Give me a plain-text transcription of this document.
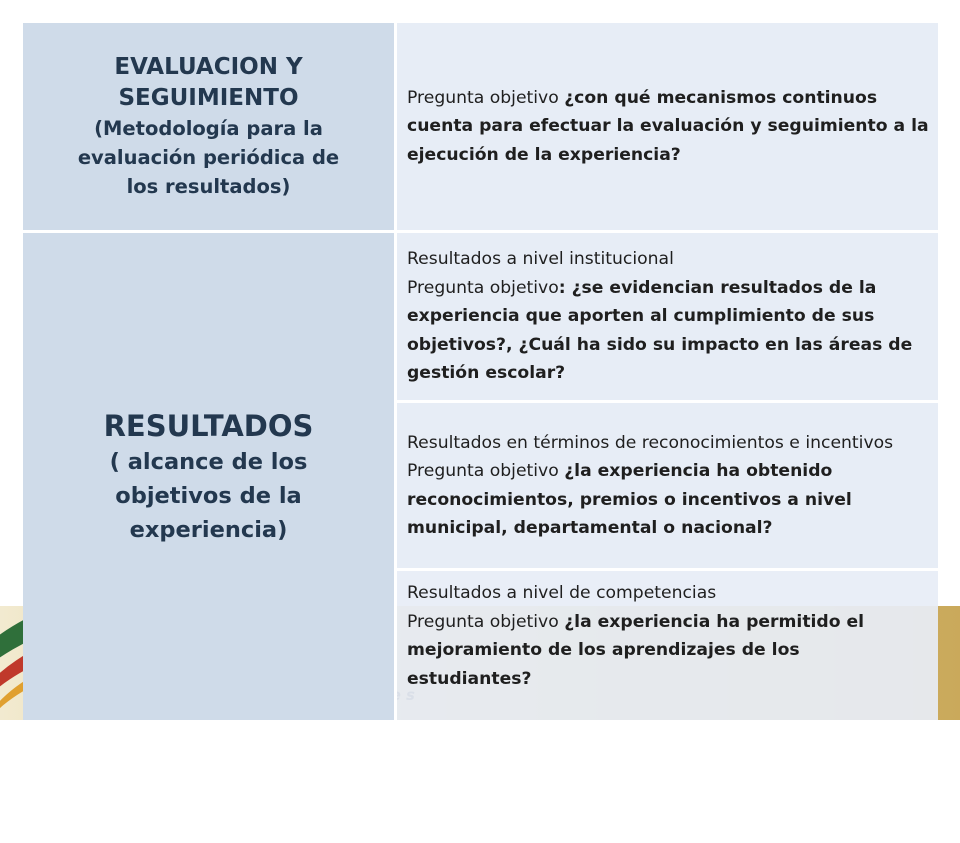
EVALUACION Y
SEGUIMIENTO
(Metodología para la
evaluación periódica de
los resultados)
Pregunta objetivo ¿con qué mecanismos continuos cuenta para efectuar la evaluación y seguimiento a la ejecución de la experiencia?
RESULTADOS
( alcance de los
objetivos de la
experiencia)
Resultados a nivel institucional
Pregunta objetivo: ¿se evidencian resultados de la experiencia que aporten al cumplimiento de sus objetivos?, ¿Cuál ha sido su impacto en las áreas de gestión escolar?
Resultados en términos de reconocimientos e incentivos
Pregunta objetivo ¿la experiencia ha obtenido reconocimientos, premios o incentivos a nivel municipal, departamental o nacional?
Resultados a nivel de competencias
Pregunta objetivo ¿la experiencia ha permitido el mejoramiento de los aprendizajes de los estudiantes?
